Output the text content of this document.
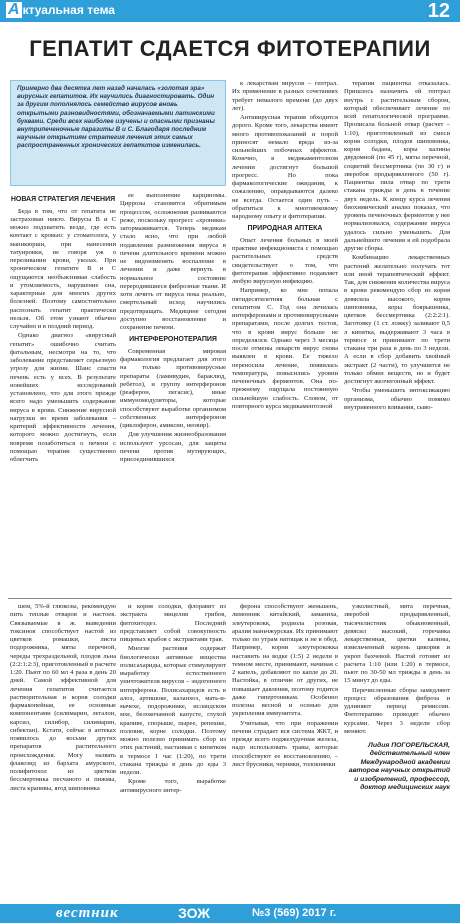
А ктуальная тема	12
ГЕПАТИТ СДАЕТСЯ ФИТОТЕРАПИИ
Примерно два десятка лет назад началась «золотая эра» вирусных гепатитов. Их научились диагностировать. Один за другим пополнялось семейство вирусов вновь открытыми разновидностями, обозначаемыми латинскими буквами. Среди всех наиболее изучены и опасными признаны внутрипеченочные паразиты В и С. Благодаря последним научным открытиям стратегия лечения этих самых распространенных хронических гепатитов изменилась.
НОВАЯ СТРАТЕГИЯ ЛЕЧЕНИЯ

Беда в том, что от гепатита не застрахован никто. Вирусы В и С можно подхватить везде, где есть контакт с кровью: у стоматолога, у маникюрши, при нанесении татуировки, не говоря уж о переливании крови, уколах. При хроническом гепатите В и С ощущаются необъяснимая слабость и утомляемость, нарушение сна, характерные для многих других болезней. Поэтому самостоятельно распознать гепатит практически нельзя. Об этом узнают обычно случайно и в поздний период.

Однако диагноз «вирусный гепатит» ошибочно считать фатальным, несмотря на то, что заболевание представляет серьезную угрозу для жизни. Шанс спасти печень есть у всех. В результате новейших исследований установлено, что для этого прежде всего надо уменьшить содержание вируса в крови. Снижение вирусной нагрузки во время заболевания – критерий эффективности лечения, которого можно достигнуть, если вовремя позаботиться о печени с помощью терапии существенно облегчить

ее выполнение карциномы. Циррозы становятся обратимым процессом, осложнения развиваются реже, поскольку прогресс «хроники» затормаживается. Теперь медикам стало ясно, что при любой подавлении размножения вируса в печени длительного времени можно не видоизменять воспаление в лечении и даже вернуть в нормальное состояние переродившиеся фиброзные ткани. И хотя лечить от вируса пока реально, смертельный исход научились предотвращать. Медицине сегодня доступно восстановление и сохранение печени.

ИНТЕРФЕРОНОТЕРАПИЯ

Современная мировая фармакология предлагает для этого на только противовирусные препараты (ламивудин, бараклюд, ребетол), и группу интерферонов (реаферон, пегасис), иные иммуномодуляторы, которые способствуют выработке организмом собственных интерферонов (циклоферон, амиксин, неовир).

Для улучшения жизнеобразования используют урсосан, для защиты печени против мутирующих, присоединившихся

к лекарствам вирусов – гептрал. Их применение в разных сочетаниях требует немалого времени (до двух лет).

Антивирусная терапия обходится дорого. Кроме того, лекарства имеют много противопоказаний и порой приносят немало вреда из-за сильнейших побочных эффектов. Конечно, в медикаментозном лечении достигнут большой прогресс. Но пока фармакологические ожидания, к сожалению, оправдываются далеко не всегда. Остается один путь – обратиться к многовековому народному опыту и фитотерапии.

ПРИРОДНАЯ АПТЕКА

Опыт лечения больных в моей практике инфекциониста с помощью растительных средств свидетельствует о том, что фитотерапия эффективно подавляет любую вирусную инфекцию.

Например, ко мне попала пятидесятилетняя больная с гепатитом С. Год она лечилась интерферонами и противовирусными препаратами, после долгих тестов, что в крови вирус больше не определялся. Однако через 3 месяца после отмены лекарств вирус снова выявлен в крови. Ее тяжело переносила лечение, появилась температура, повысились уровни печеночных ферментов. Она по-прежнему ощущала постоянную сильнейшую слабость. Словом, от повторного курса медикаментозной

терапии пациентка отказалась. Пришлось назначить ей гептрал внутрь с растительным сбором, который обеспечивает лечение по всей гепатологической программе. Прописала больной отвар (расчет – 1:10), приготовленный из смеси корня солодки, плодов шиповника, корня бадана, коры калины двудомной (по 45 г), мяты перечной, соцветий бессмертника (по 30 г) и зверобоя продырявленного (50 г). Пациентка пила отвар по трети стакана трижды в день в течение двух недель. К концу курса лечения биохимический анализ показал, что уровень печеночных ферментов у нее нормализовался, содержание вируса удалось сильно уменьшить. Для дальнейшего лечения я ей подобрала другие сборы.

Комбинацию лекарственных растений желательно получать тот или иной терапевтический эффект. Так, для снижения количества вируса в крови рекомендую сбор из корня девясила высокого, корня шиповника, коры боярышника, цветков бессмертника (2:2:2:1). Заготовку (1 ст. ложку) заливают 0,5 л кипятка, выдерживают 3 часа в термосе и принимают по трети стакана три раза в день по 3 недели. А если в сбор добавить хвойный экстракт (2 части), то улучшится не только обмен веществ, но и будет достигнут желчегонный эффект.

Чтобы уменьшить интоксикацию организма, обычно помимо внутривенного вливания, сыво-

шем, 5%-й глюкозы, рекомендую пить теплые отваров и настоев. Связываемые в ж. выведении токсинов способствует настой из цветков ромашки, листа подорожника, мяты перечной, череды трехраздельной, плодов льна (2:2:1:2:3), приготовленный в расчете 1:20. Пьют по 60 мл 4 раза в день 20 дней. Самой эффективной для лечения гепатитов считается растворительная и корня солодки фармакопейная, ее основные компонентами (силимарин, легалон, карсил, силибор, силимарин, сибектан). Кстати, сейчас в аптеках появилось до восьми других препаратов растительного происхождения. Могу назвать флакозид из бархата амурского, полифитохол из цветков бессмертника песчаного и пижмы, листа крапивы, ягод шиповника

и корня солодки, флоравит из экстракта мицелия грибов, фитохитодез. Последний представляет собой совокупность пищевых крабов с экстрактами трав.

Многие растения содержат биологически активные вещества полисахариды, которые стимулируют выработку естественного уничтожителя вирусов – эндогенного интерферона. Полисахаридов есть в алоэ, артишоке, каланхоэ, мать-и-мачехе, подорожнике, исландском мхе, белокочанной капусте, глухой крапиве, спорыше, пырее, репешке, половие, корне солодки. Поэтому можно полезно принимать сбор из этих растений, настаивая с кипятком в термосе 1 час (1:20), по трети стакана трижды в день до еды 3 недели.

Кроме того, выработке антивирусного интер-

ферона способствуют женьшень, лимонник китайский, заманиха, элеутерококк, родиола розовая, аралия маньчжурская. Их принимают только по утрам натощак и не в обед. Например, корни элеутерококка наставить на водке (1:5) 2 недели в темном месте, принимают, начиная с 2 капель, добавляют по капле до 20. Настойка, в отличие от других, не повышает давления, поэтому годится даже гипертоникам. Особенно полезна весной и осенью для укрепления иммунитета.

Учитывая, что при поражении печени страдает вся система ЖКТ, и прежде всего поджелудочная железа, надо использовать травы, которые способствуют ее восстановлению, – лист брусники, черники, толокнянки

узколистный, мята перечная, зверобой продырявленный, тысячелистник обыкновенный, девясил высокий, горечавка лекарственная, цветки калины, измельченный корень цикория и укроп бахчевой. Настой готовят из расчета 1:10 (или 1:20) в термосе, пьют по 30-50 мл трижды в день за 15 минут до еды.

Перечисленные сборы замедляют процесс образования фиброза и удлиняют период ремиссии. Фитотерапию проводят обычно курсами. Через 3 недели сбор меняют.

Лидия ПОГОРЕЛЬСКАЯ,
действительный член Международной академии авторов научных открытий и изобретений, профессор, доктор медицинских наук
вестник	ЗОЖ	№3 (569) 2017 г.
